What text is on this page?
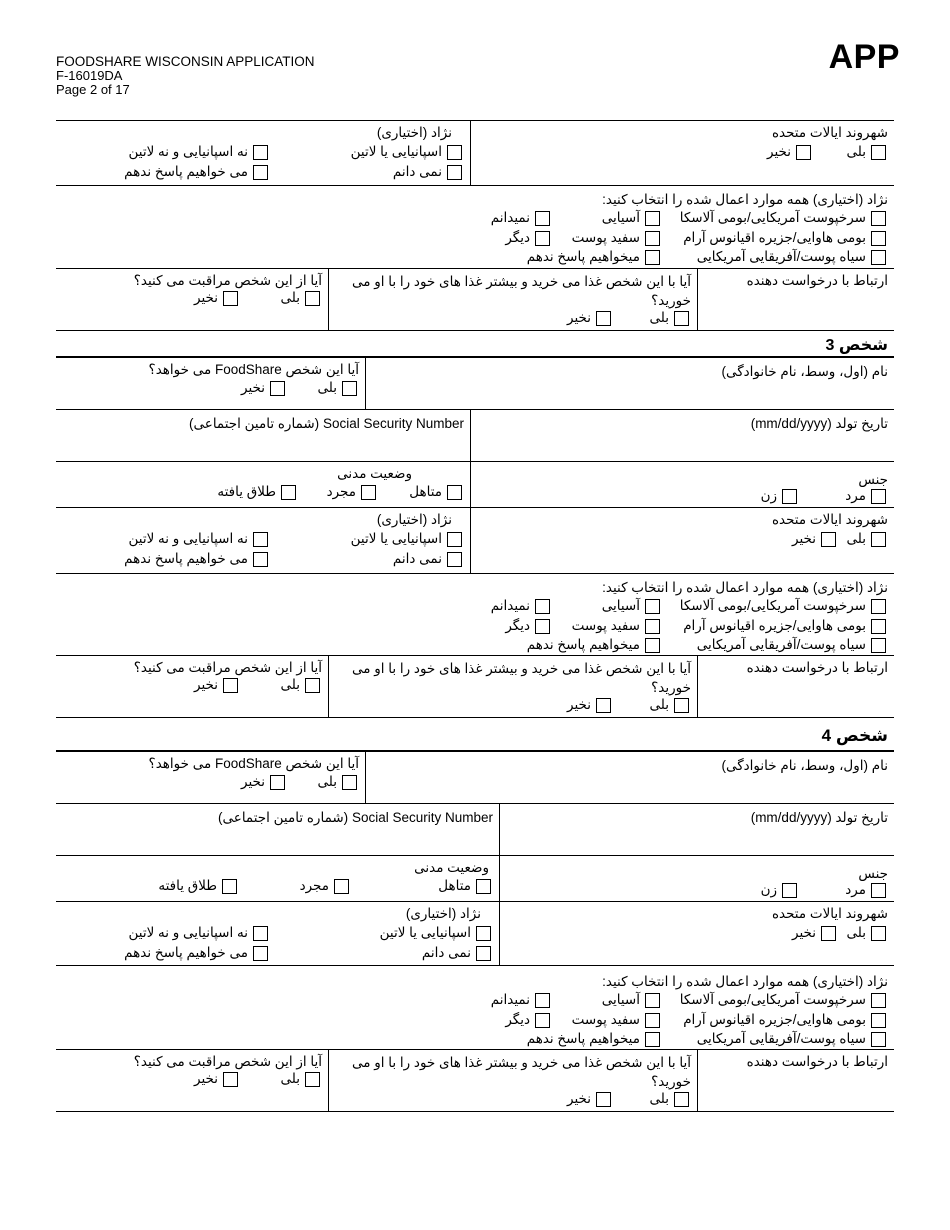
FOODSHARE WISCONSIN APPLICATION
F-16019DA
Page 2 of 17
APP
نژاد (اختیاری)
اسپانیایی یا لاتین
نه اسپانیایی و نه لاتین
نمی دانم
می خواهیم پاسخ ندهم
شهروند ایالات متحده
بلی
نخیر
نژاد (اختیاری) همه موارد اعمال شده را انتخاب کنید:
سرخپوست آمریکایی/بومی آلاسکا
آسیایی
نمیدانم
بومی هاوایی/جزیره اقیانوس آرام
سفید پوست
دیگر
سیاه پوست/آفریقایی آمریکایی
میخواهیم پاسخ ندهم
آیا از این شخص مراقبت می کنید؟
بلی
نخیر
آیا با این شخص غذا می خرید و بیشتر غذا های خود را با او می خورید؟
بلی
نخیر
ارتباط با درخواست دهنده
شخص 3
آیا این شخص FoodShare می خواهد؟
بلی
نخیر
نام (اول، وسط، نام خانوادگی)
Social Security Number (شماره تامین اجتماعی)	تاریخ تولد (mm/dd/yyyy)
وضعیت مدنی
متاهل
مجرد
طلاق یافته
جنس
مرد
زن
نژاد (اختیاری)
اسپانیایی یا لاتین
نه اسپانیایی و نه لاتین
نمی دانم
می خواهیم پاسخ ندهم
شهروند ایالات متحده
بلی
نخیر
نژاد (اختیاری) همه موارد اعمال شده را انتخاب کنید:
سرخپوست آمریکایی/بومی آلاسکا
آسیایی
نمیدانم
بومی هاوایی/جزیره اقیانوس آرام
سفید پوست
دیگر
سیاه پوست/آفریقایی آمریکایی
میخواهیم پاسخ ندهم
آیا از این شخص مراقبت می کنید؟
بلی
نخیر
آیا با این شخص غذا می خرید و بیشتر غذا های خود را با او می خورید؟
بلی
نخیر
ارتباط با درخواست دهنده
شخص 4
آیا این شخص FoodShare می خواهد؟
بلی
نخیر
نام (اول، وسط، نام خانوادگی)
Social Security Number (شماره تامین اجتماعی)	تاریخ تولد (mm/dd/yyyy)
وضعیت مدنی
متاهل
مجرد
طلاق یافته
جنس
مرد
زن
نژاد (اختیاری)
اسپانیایی یا لاتین
نه اسپانیایی و نه لاتین
نمی دانم
می خواهیم پاسخ ندهم
شهروند ایالات متحده
بلی
نخیر
نژاد (اختیاری) همه موارد اعمال شده را انتخاب کنید:
سرخپوست آمریکایی/بومی آلاسکا
آسیایی
نمیدانم
بومی هاوایی/جزیره اقیانوس آرام
سفید پوست
دیگر
سیاه پوست/آفریقایی آمریکایی
میخواهیم پاسخ ندهم
آیا از این شخص مراقبت می کنید؟
بلی
نخیر
آیا با این شخص غذا می خرید و بیشتر غذا های خود را با او می خورید؟
بلی
نخیر
ارتباط با درخواست دهنده
